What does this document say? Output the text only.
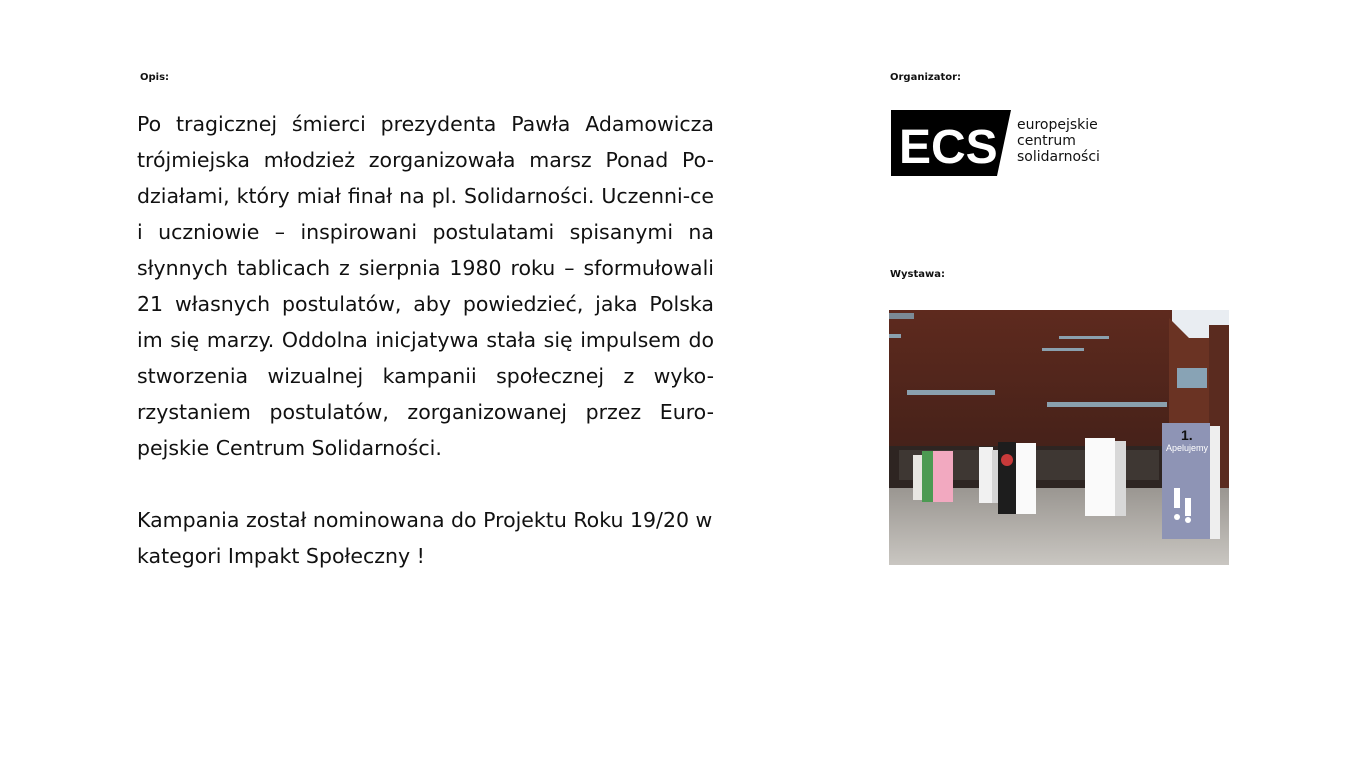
Opis:

Po tragicznej śmierci prezydenta Pawła Adamowicza trójmiejska młodzież zorganizowała marsz Ponad Po-działami, który miał finał na pl. Solidarności. Uczenni-ce i uczniowie – inspirowani postulatami spisanymi na słynnych tablicach z sierpnia 1980 roku – sformułowali 21 własnych postulatów, aby powiedzieć, jaka Polska im się marzy. Oddolna inicjatywa stała się impulsem do stworzenia wizualnej kampanii społecznej z wyko-rzystaniem postulatów, zorganizowanej przez Euro-pejskie Centrum Solidarności.

Kampania został nominowana do Projektu Roku 19/20 w kategori Impakt Społeczny !

Organizator:
ECS europejskie
centrum
solidarności
Wystawa:
1.
Apelujemy
